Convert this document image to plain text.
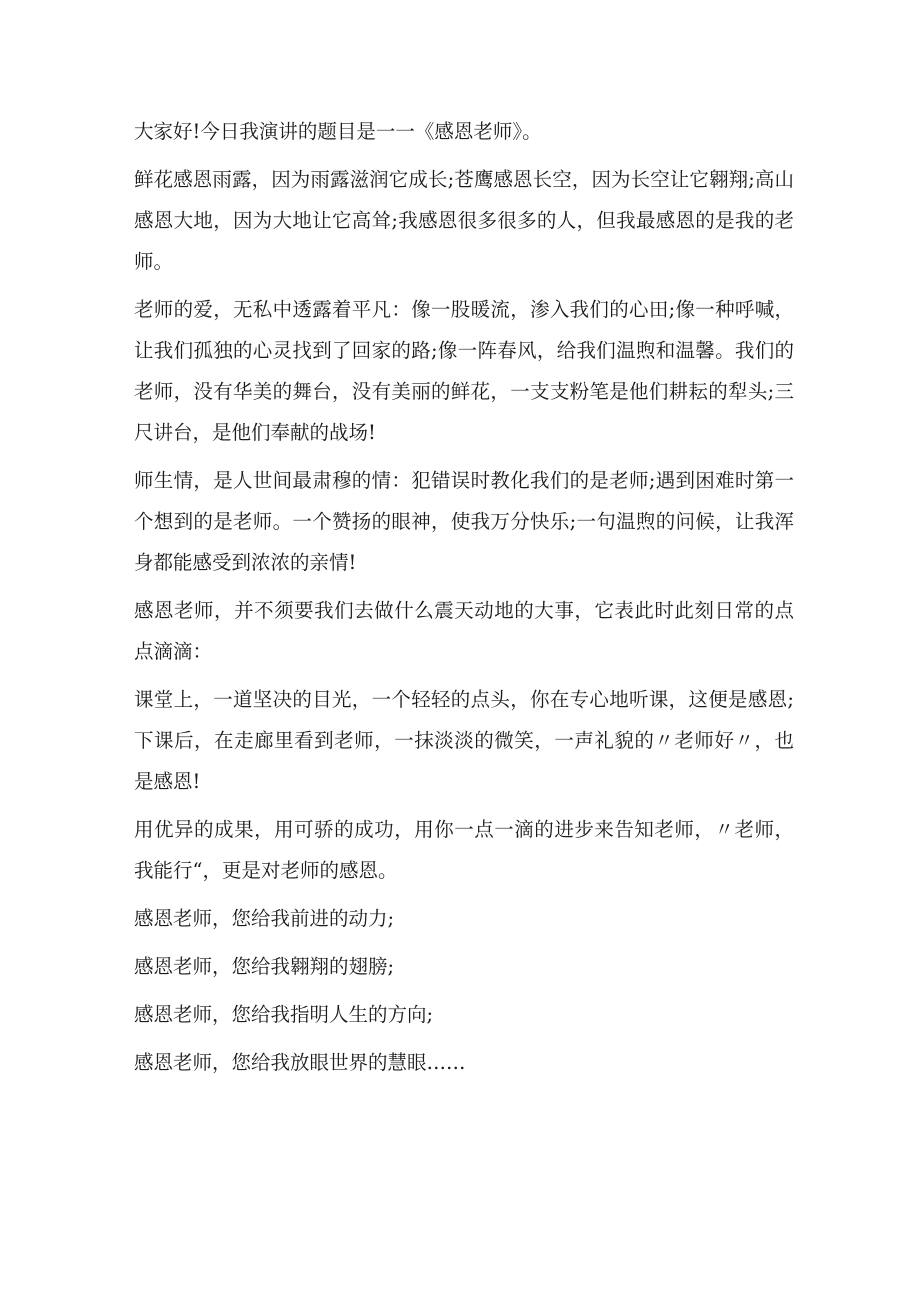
大家好!今日我演讲的题目是一一《感恩老师》。

鲜花感恩雨露，因为雨露滋润它成长;苍鹰感恩长空，因为长空让它翱翔;高山感恩大地，因为大地让它高耸;我感恩很多很多的人，但我最感恩的是我的老师。

老师的爱，无私中透露着平凡：像一股暖流，渗入我们的心田;像一种呼喊，让我们孤独的心灵找到了回家的路;像一阵春风，给我们温煦和温馨。我们的老师，没有华美的舞台，没有美丽的鲜花，一支支粉笔是他们耕耘的犁头;三尺讲台，是他们奉献的战场!

师生情，是人世间最肃穆的情：犯错误时教化我们的是老师;遇到困难时第一个想到的是老师。一个赞扬的眼神，使我万分快乐;一句温煦的问候，让我浑身都能感受到浓浓的亲情!

感恩老师，并不须要我们去做什么震天动地的大事，它表此时此刻日常的点点滴滴：

课堂上，一道坚决的目光，一个轻轻的点头，你在专心地听课，这便是感恩;下课后，在走廊里看到老师，一抹淡淡的微笑，一声礼貌的〃老师好〃，也是感恩!

用优异的成果，用可骄的成功，用你一点一滴的进步来告知老师，〃老师，我能行“，更是对老师的感恩。

感恩老师，您给我前进的动力;

感恩老师，您给我翱翔的翅膀;

感恩老师，您给我指明人生的方向;

感恩老师，您给我放眼世界的慧眼……
